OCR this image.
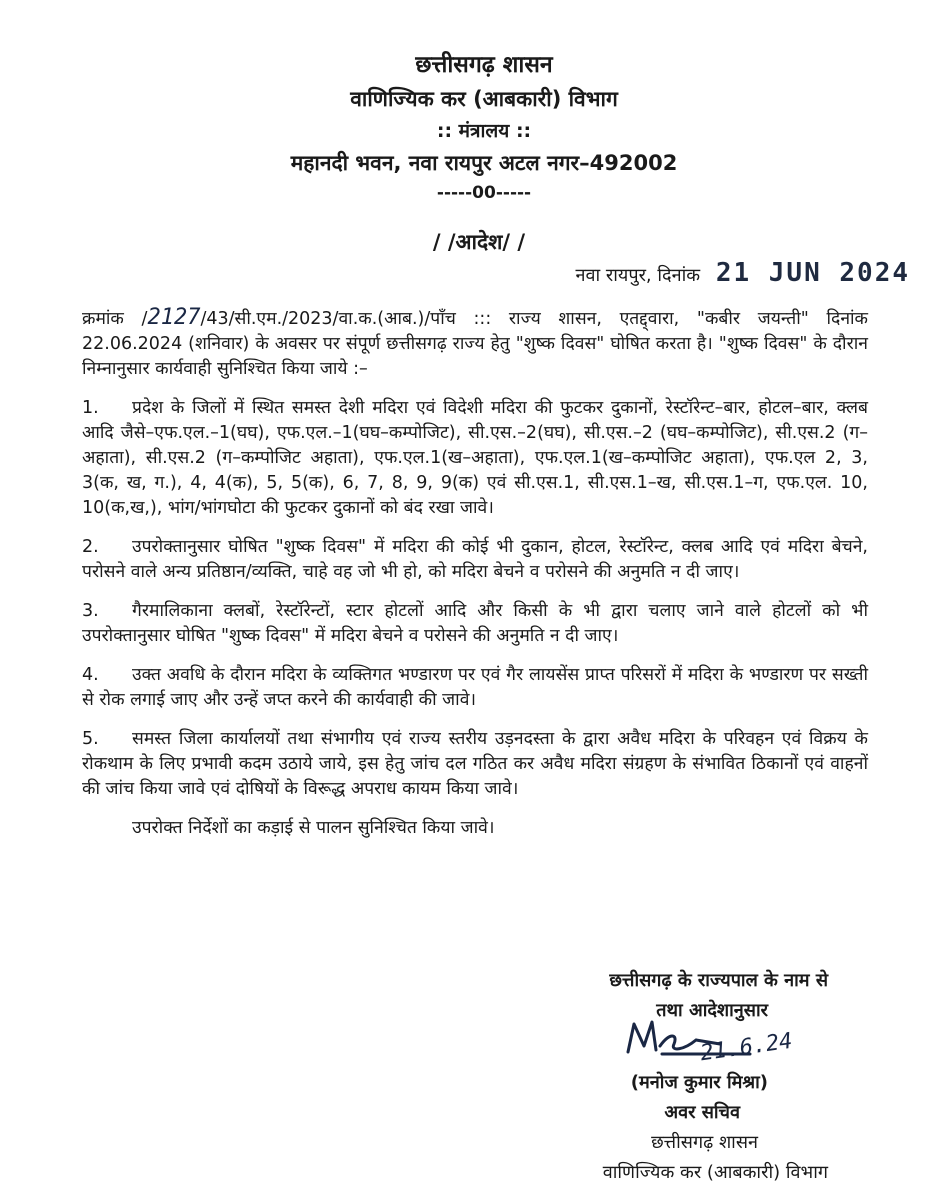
छत्तीसगढ़ शासन
वाणिज्यिक कर (आबकारी) विभाग
:: मंत्रालय ::
महानदी भवन, नवा रायपुर अटल नगर–492002
-----00-----
/ /आदेश/ /
नवा रायपुर, दिनांक 21 JUN 2024

क्रमांक /2127/43/सी.एम./2023/वा.क.(आब.)/पाँच ::: राज्य शासन, एतद्द्वारा, "कबीर जयन्ती" दिनांक 22.06.2024 (शनिवार) के अवसर पर संपूर्ण छत्तीसगढ़ राज्य हेतु "शुष्क दिवस" घोषित करता है। "शुष्क दिवस" के दौरान निम्नानुसार कार्यवाही सुनिश्चित किया जाये :–

1. प्रदेश के जिलों में स्थित समस्त देशी मदिरा एवं विदेशी मदिरा की फुटकर दुकानों, रेस्टॉरेन्ट–बार, होटल–बार, क्लब आदि जैसे–एफ.एल.–1(घघ), एफ.एल.–1(घघ–कम्पोजिट), सी.एस.–2(घघ), सी.एस.–2 (घघ–कम्पोजिट), सी.एस.2 (ग–अहाता), सी.एस.2 (ग–कम्पोजिट अहाता), एफ.एल.1(ख–अहाता), एफ.एल.1(ख–कम्पोजिट अहाता), एफ.एल 2, 3, 3(क, ख, ग.), 4, 4(क), 5, 5(क), 6, 7, 8, 9, 9(क) एवं सी.एस.1, सी.एस.1–ख, सी.एस.1–ग, एफ.एल. 10, 10(क,ख,), भांग/भांगघोटा की फुटकर दुकानों को बंद रखा जावे।

2. उपरोक्तानुसार घोषित "शुष्क दिवस" में मदिरा की कोई भी दुकान, होटल, रेस्टॉरेन्ट, क्लब आदि एवं मदिरा बेचने, परोसने वाले अन्य प्रतिष्ठान/व्यक्ति, चाहे वह जो भी हो, को मदिरा बेचने व परोसने की अनुमति न दी जाए।

3. गैरमालिकाना क्लबों, रेस्टॉरेन्टों, स्टार होटलों आदि और किसी के भी द्वारा चलाए जाने वाले होटलों को भी उपरोक्तानुसार घोषित "शुष्क दिवस" में मदिरा बेचने व परोसने की अनुमति न दी जाए।

4. उक्त अवधि के दौरान मदिरा के व्यक्तिगत भण्डारण पर एवं गैर लायसेंस प्राप्त परिसरों में मदिरा के भण्डारण पर सख्ती से रोक लगाई जाए और उन्हें जप्त करने की कार्यवाही की जावे।

5. समस्त जिला कार्यालयों तथा संभागीय एवं राज्य स्तरीय उड़नदस्ता के द्वारा अवैध मदिरा के परिवहन एवं विक्रय के रोकथाम के लिए प्रभावी कदम उठाये जाये, इस हेतु जांच दल गठित कर अवैध मदिरा संग्रहण के संभावित ठिकानों एवं वाहनों की जांच किया जावे एवं दोषियों के विरूद्ध अपराध कायम किया जावे।

उपरोक्त निर्देशों का कड़ाई से पालन सुनिश्चित किया जावे।

छत्तीसगढ़ के राज्यपाल के नाम से
तथा आदेशानुसार
21.6.24
(मनोज कुमार मिश्रा)
अवर सचिव
छत्तीसगढ़ शासन
वाणिज्यिक कर (आबकारी) विभाग
